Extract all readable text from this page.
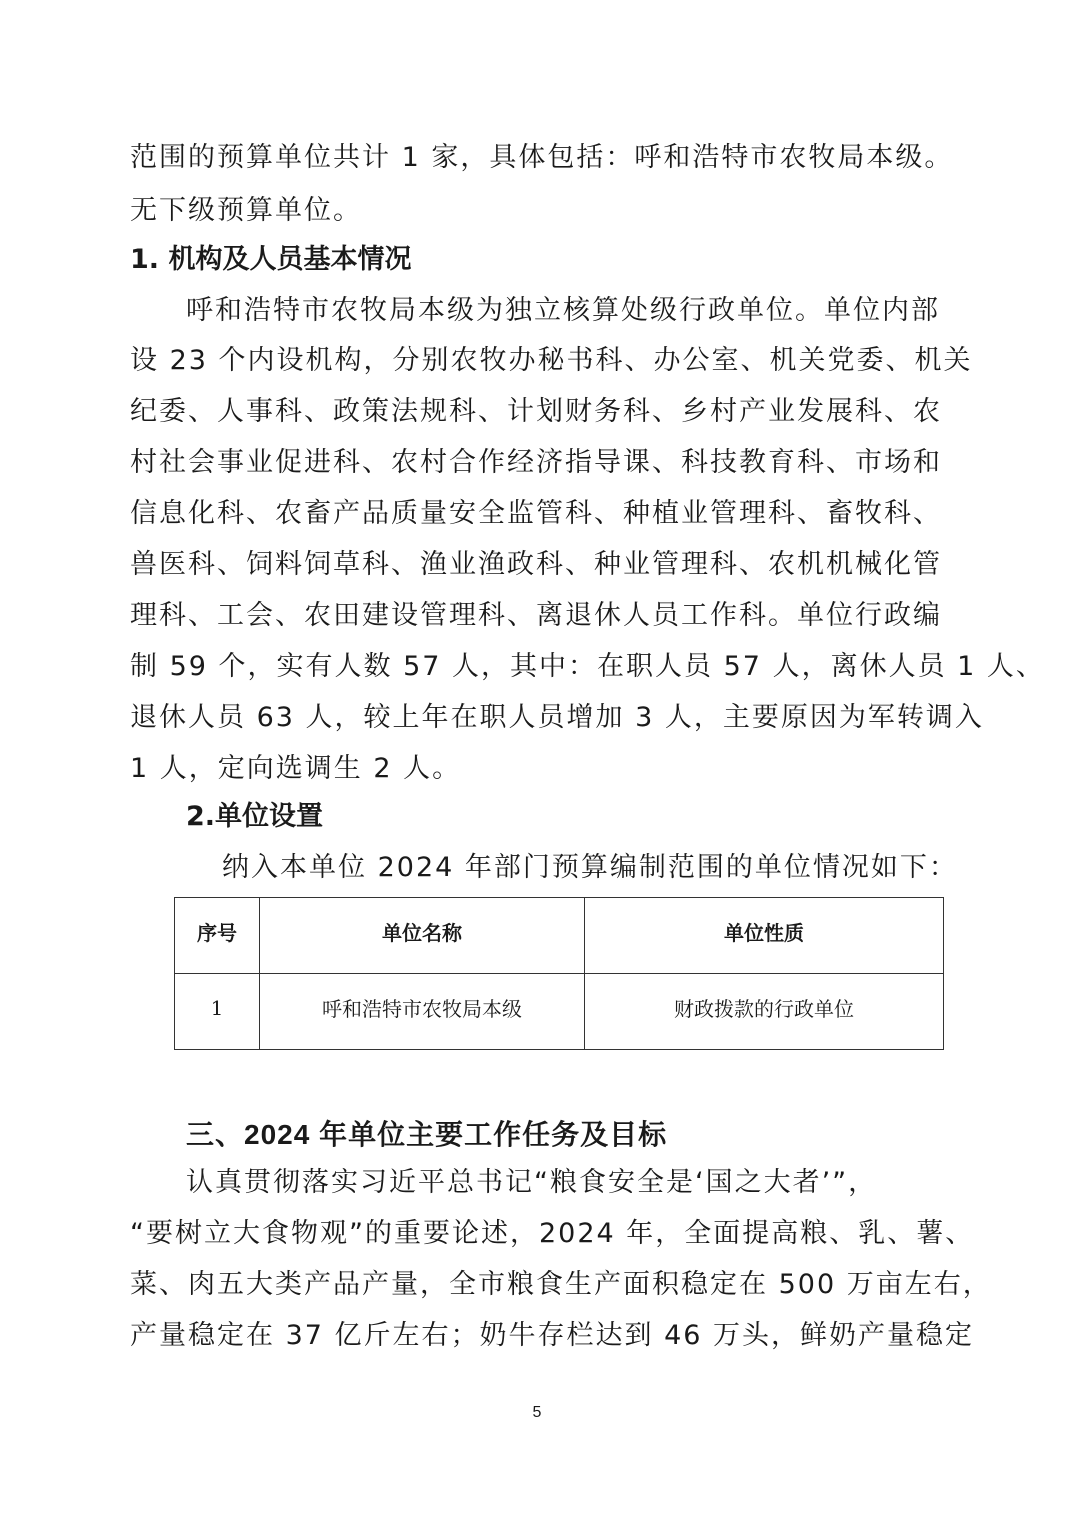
范围的预算单位共计 1 家，具体包括：呼和浩特市农牧局本级。
无下级预算单位。
1. 机构及人员基本情况
呼和浩特市农牧局本级为独立核算处级行政单位。单位内部
设 23 个内设机构，分别农牧办秘书科、办公室、机关党委、机关
纪委、人事科、政策法规科、计划财务科、乡村产业发展科、农
村社会事业促进科、农村合作经济指导课、科技教育科、市场和
信息化科、农畜产品质量安全监管科、种植业管理科、畜牧科、
兽医科、饲料饲草科、渔业渔政科、种业管理科、农机机械化管
理科、工会、农田建设管理科、离退休人员工作科。单位行政编
制 59 个，实有人数 57 人，其中：在职人员 57 人，离休人员 1 人、
退休人员 63 人，较上年在职人员增加 3 人，主要原因为军转调入
1 人，定向选调生 2 人。
2.单位设置
纳入本单位 2024 年部门预算编制范围的单位情况如下：
序号	单位名称	单位性质
1	呼和浩特市农牧局本级	财政拨款的行政单位
三、2024 年单位主要工作任务及目标
认真贯彻落实习近平总书记“粮食安全是‘国之大者’”，
“要树立大食物观”的重要论述，2024 年，全面提高粮、乳、薯、
菜、肉五大类产品产量，全市粮食生产面积稳定在 500 万亩左右，
产量稳定在 37 亿斤左右；奶牛存栏达到 46 万头，鲜奶产量稳定
5
